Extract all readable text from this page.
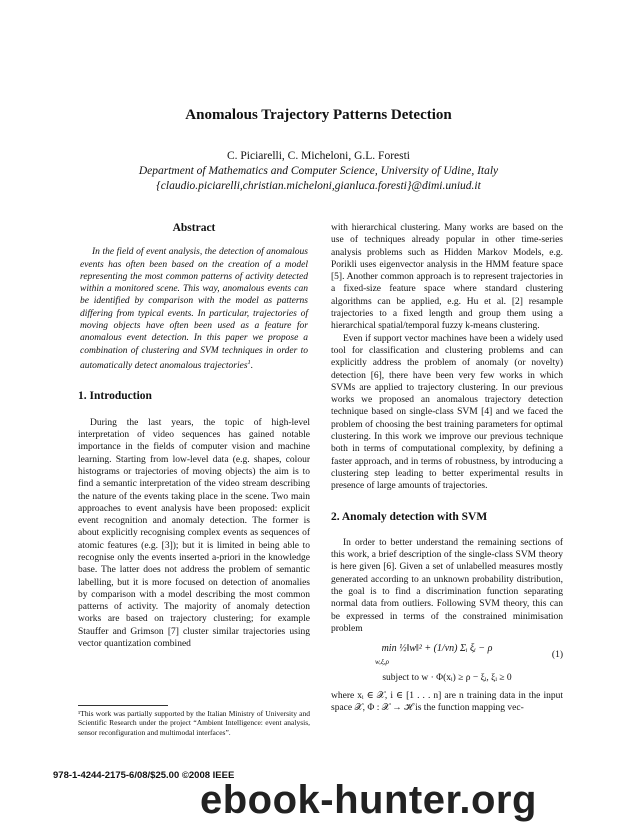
Anomalous Trajectory Patterns Detection
C. Piciarelli, C. Micheloni, G.L. Foresti
Department of Mathematics and Computer Science, University of Udine, Italy
{claudio.piciarelli,christian.micheloni,gianluca.foresti}@dimi.uniud.it
Abstract

In the field of event analysis, the detection of anomalous events has often been based on the creation of a model representing the most common patterns of activity detected within a monitored scene. This way, anomalous events can be identified by comparison with the model as patterns differing from typical events. In particular, trajectories of moving objects have often been used as a feature for anomalous event detection. In this paper we propose a combination of clustering and SVM techniques in order to automatically detect anomalous trajectories$^1$.

1. Introduction

During the last years, the topic of high-level interpretation of video sequences has gained notable importance in the fields of computer vision and machine learning. Starting from low-level data (e.g. shapes, colour histograms or trajectories of moving objects) the aim is to find a semantic interpretation of the video stream describing the nature of the events taking place in the scene. Two main approaches to event analysis have been proposed: explicit event recognition and anomaly detection. The former is about explicitly recognising complex events as sequences of atomic features (e.g. [3]); but it is limited in being able to recognise only the events inserted a-priori in the knowledge base. The latter does not address the problem of semantic labelling, but it is more focused on detection of anomalies by comparison with a model describing the most common patterns of activity. The majority of anomaly detection works are based on trajectory clustering; for example Stauffer and Grimson [7] cluster similar trajectories using vector quantization combined

with hierarchical clustering. Many works are based on the use of techniques already popular in other time-series analysis problems such as Hidden Markov Models, e.g. Porikli uses eigenvector analysis in the HMM feature space [5]. Another common approach is to represent trajectories in a fixed-size feature space where standard clustering algorithms can be applied, e.g. Hu et al. [2] resample trajectories to a fixed length and group them using a hierarchical spatial/temporal fuzzy k-means clustering.

Even if support vector machines have been a widely used tool for classification and clustering problems and can explicitly address the problem of anomaly (or novelty) detection [6], there have been very few works in which SVMs are applied to trajectory clustering. In our previous works we proposed an anomalous trajectory detection technique based on single-class SVM [4] and we faced the problem of choosing the best training parameters for optimal clustering. In this work we improve our previous technique both in terms of computational complexity, by defining a faster approach, and in terms of robustness, by introducing a clustering step leading to better experimental results in presence of large amounts of trajectories.

2. Anomaly detection with SVM

In order to better understand the remaining sections of this work, a brief description of the single-class SVM theory is here given [6]. Given a set of unlabelled measures mostly generated according to an unknown probability distribution, the goal is to find a discrimination function separating normal data from outliers. Following SVM theory, this can be expressed in terms of the constrained minimisation problem

min ½‖w‖² + (1/νn) Σᵢ ξᵢ − ρ
w,ξ,ρ
(1)
subject to w · Φ(xᵢ) ≥ ρ − ξᵢ, ξᵢ ≥ 0

where xᵢ ∈ 𝒳, i ∈ [1 . . . n] are n training data in the input space 𝒳, Φ : 𝒳 → ℋ is the function mapping vec-

¹This work was partially supported by the Italian Ministry of University and Scientific Research under the project “Ambient Intelligence: event analysis, sensor reconfiguration and multimodal interfaces”.
978-1-4244-2175-6/08/$25.00 ©2008 IEEE
ebook-hunter.org
